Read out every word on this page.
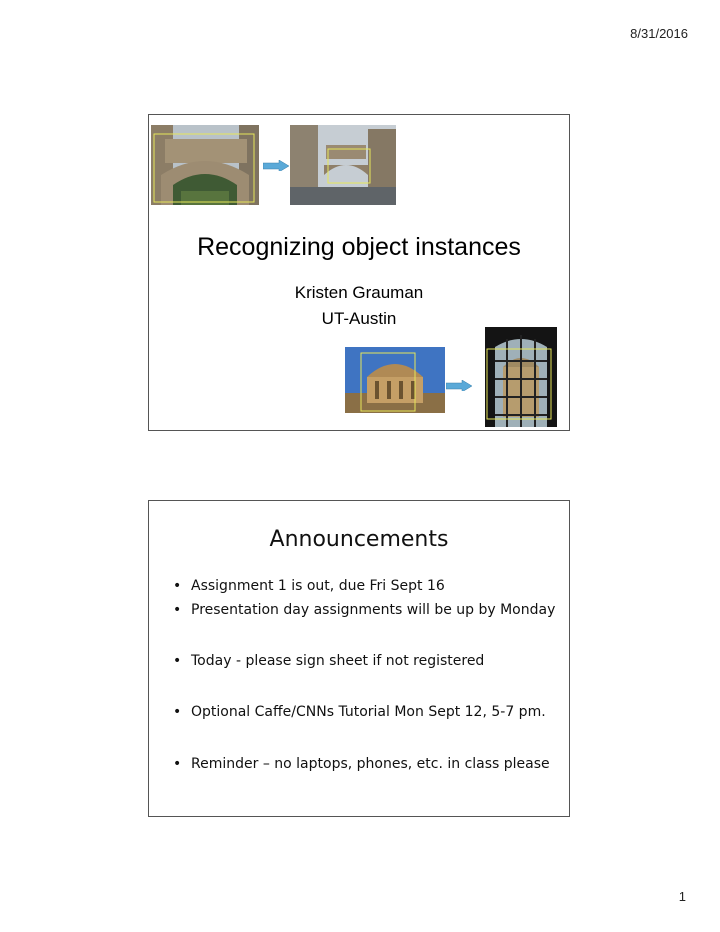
8/31/2016
Recognizing object instances
Kristen Grauman
UT-Austin
Announcements
• Assignment 1 is out, due Fri Sept 16
• Presentation day assignments will be up by Monday
• Today - please sign sheet if not registered
• Optional Caffe/CNNs Tutorial Mon Sept 12, 5-7 pm.
• Reminder – no laptops, phones, etc. in class please
1
